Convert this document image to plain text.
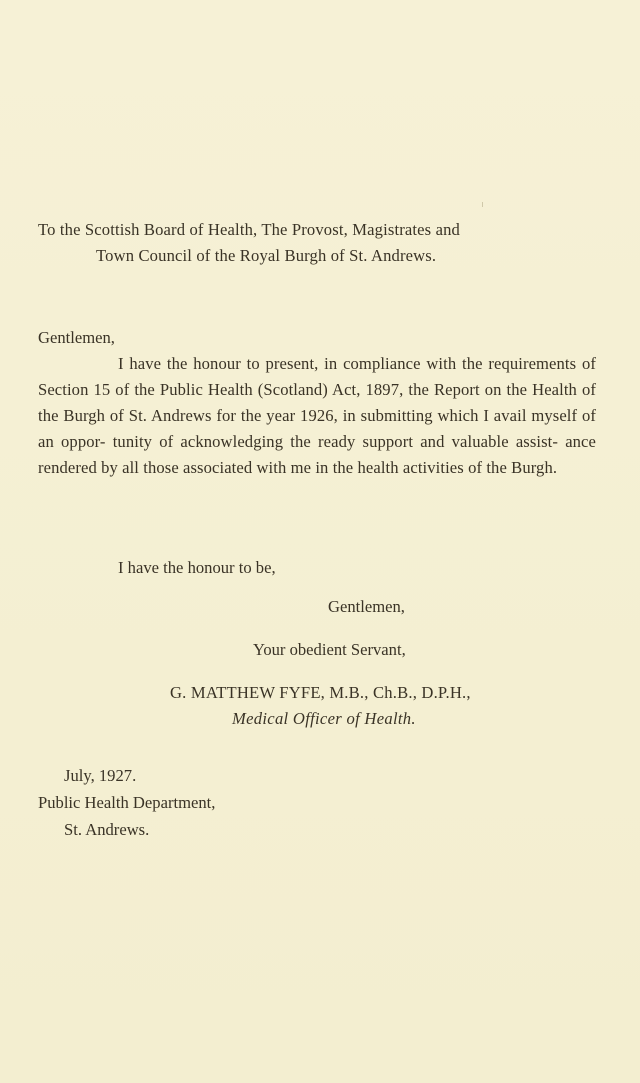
To the Scottish Board of Health, The Provost, Magistrates and
Town Council of the Royal Burgh of St. Andrews.
Gentlemen,
I have the honour to present, in compliance with the requirements of Section 15 of the Public Health (Scotland) Act, 1897, the Report on the Health of the Burgh of St. Andrews for the year 1926, in submitting which I avail myself of an oppor- tunity of acknowledging the ready support and valuable assist- ance rendered by all those associated with me in the health activities of the Burgh.
I have the honour to be,
Gentlemen,
Your obedient Servant,
G. MATTHEW FYFE, M.B., Ch.B., D.P.H.,
Medical Officer of Health.
July, 1927.
Public Health Department,
St. Andrews.
